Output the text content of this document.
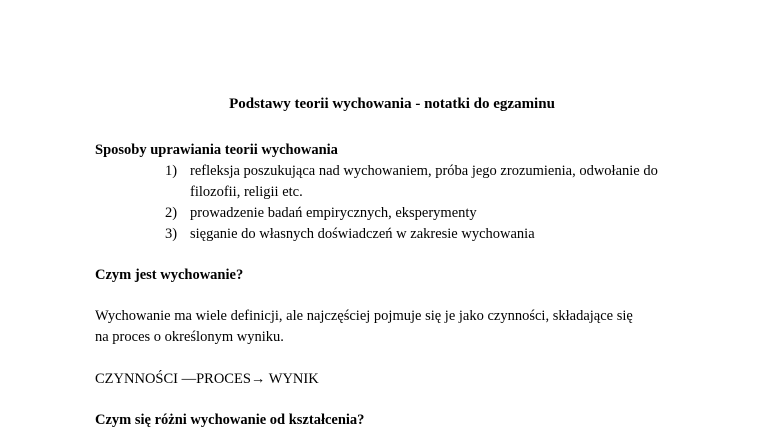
Podstawy teorii wychowania - notatki do egzaminu
Sposoby uprawiania teorii wychowania
1) refleksja poszukująca nad wychowaniem, próba jego zrozumienia, odwołanie do filozofii, religii etc.
2) prowadzenie badań empirycznych, eksperymenty
3) sięganie do własnych doświadczeń w zakresie wychowania
Czym jest wychowanie?
Wychowanie ma wiele definicji, ale najczęściej pojmuje się je jako czynności, składające się
na proces o określonym wyniku.
CZYNNOŚCI —PROCES→ WYNIK
Czym się różni wychowanie od kształcenia?
